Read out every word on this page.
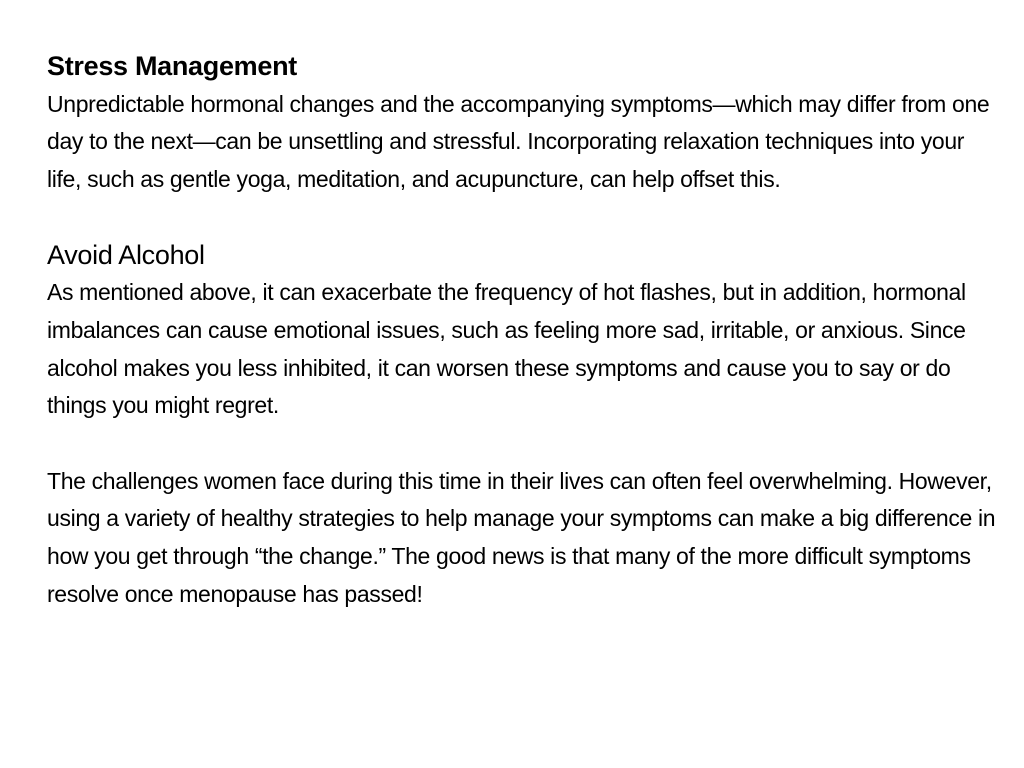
Stress Management

Unpredictable hormonal changes and the accompanying symptoms—which may differ from one day to the next—can be unsettling and stressful. Incorporating relaxation techniques into your life, such as gentle yoga, meditation, and acupuncture, can help offset this.

Avoid Alcohol

As mentioned above, it can exacerbate the frequency of hot flashes, but in addition, hormonal imbalances can cause emotional issues, such as feeling more sad, irritable, or anxious. Since alcohol makes you less inhibited, it can worsen these symptoms and cause you to say or do things you might regret.

The challenges women face during this time in their lives can often feel overwhelming. However, using a variety of healthy strategies to help manage your symptoms can make a big difference in how you get through “the change.” The good news is that many of the more difficult symptoms resolve once menopause has passed!
